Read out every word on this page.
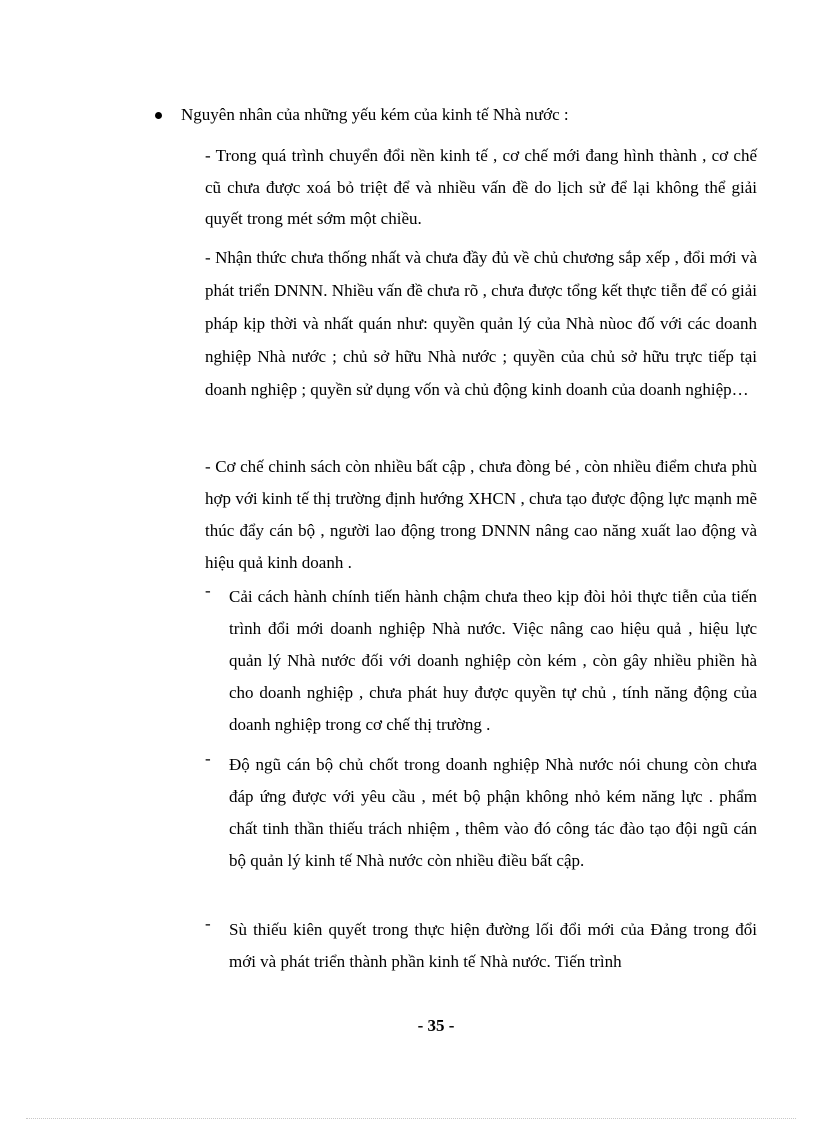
Nguyên nhân của những yếu kém của kinh tế Nhà nước :

- Trong quá trình chuyển đổi nền kinh tế , cơ chế mới đang hình thành , cơ chế cũ chưa được xoá bỏ triệt để và nhiều vấn đề do lịch sử để lại không thể giải quyết trong mét sớm một chiều.

- Nhận thức chưa thống nhất và chưa đầy đủ về chủ chương sắp xếp , đổi mới và phát triển DNNN. Nhiều vấn đề chưa rõ , chưa được tổng kết thực tiễn để có giải pháp kịp thời và nhất quán như: quyền quản lý của Nhà nùoc đố với các doanh nghiệp Nhà nước ; chủ sở hữu Nhà nước ; quyền của chủ sở hữu trực tiếp tại doanh nghiệp ; quyền sử dụng vốn và chủ động kinh doanh của doanh nghiệp…

- Cơ chế chinh sách còn nhiều bất cập , chưa đòng bé , còn nhiều điểm chưa phù hợp với kinh tế thị trường định hướng XHCN , chưa tạo được động lực mạnh mẽ thúc đẩy cán bộ , người lao động trong DNNN nâng cao năng xuất lao động và hiệu quả kinh doanh .

-	Cải cách hành chính tiến hành chậm chưa theo kịp đòi hỏi thực tiễn của tiến trình đổi mới doanh nghiệp Nhà nước. Việc nâng cao hiệu quả , hiệu lực quản lý Nhà nước đối với doanh nghiệp còn kém , còn gây nhiều phiền hà cho doanh nghiệp , chưa phát huy được quyền tự chủ , tính năng động của doanh nghiệp trong cơ chế thị trường .

-	Độ ngũ cán bộ chủ chốt trong doanh nghiệp Nhà nước nói chung còn chưa đáp ứng được với yêu cầu , mét bộ phận không nhỏ kém năng lực . phẩm chất tinh thần thiếu trách nhiệm , thêm vào đó công tác đào tạo đội ngũ cán bộ quản lý kinh tế Nhà nước còn nhiều điều bất cập.

-	Sù thiếu kiên quyết trong thực hiện đường lối đổi mới của Đảng trong đổi mới và phát triển thành phần kinh tế Nhà nước. Tiến trình

- 35 -
